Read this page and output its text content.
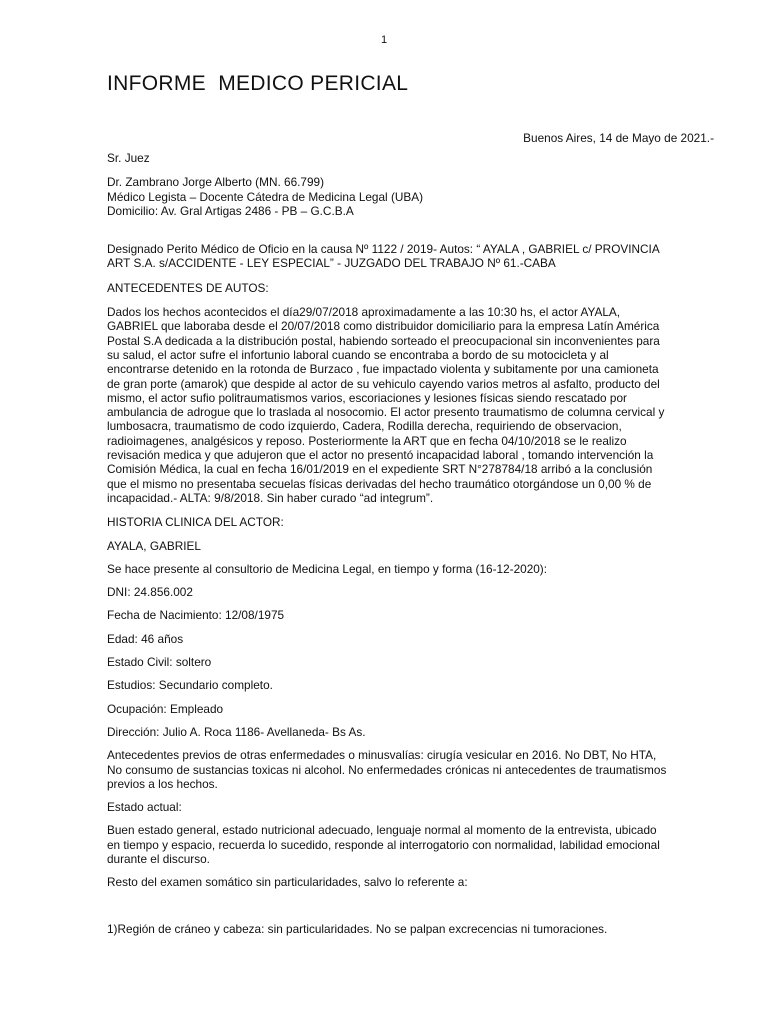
1
INFORME  MEDICO PERICIAL
Buenos Aires, 14 de Mayo de 2021.-

Sr. Juez

Dr. Zambrano Jorge Alberto (MN. 66.799)
Médico Legista – Docente Cátedra de Medicina Legal (UBA)
Domicilio: Av. Gral Artigas 2486 - PB – G.C.B.A

Designado Perito Médico de Oficio en la causa Nº 1122 / 2019- Autos: “ AYALA , GABRIEL c/ PROVINCIA ART S.A. s/ACCIDENTE - LEY ESPECIAL” - JUZGADO DEL TRABAJO Nº 61.-CABA

ANTECEDENTES DE AUTOS:

Dados los hechos acontecidos el día29/07/2018 aproximadamente a las 10:30 hs, el actor AYALA, GABRIEL que laboraba desde el 20/07/2018 como distribuidor domiciliario para la empresa Latín América Postal S.A dedicada a la distribución postal, habiendo sorteado el preocupacional sin inconvenientes para su salud, el actor sufre el infortunio laboral cuando se encontraba a bordo de su motocicleta y al encontrarse detenido en la rotonda de Burzaco , fue impactado violenta y subitamente por una camioneta de gran porte (amarok) que despide al actor de su vehiculo cayendo varios metros al asfalto, producto del mismo, el actor sufio politraumatismos varios, escoriaciones y lesiones físicas siendo rescatado por ambulancia de adrogue que lo traslada al nosocomio. El actor presento traumatismo de columna cervical y lumbosacra, traumatismo de codo izquierdo, Cadera, Rodilla derecha, requiriendo de observacion, radioimagenes, analgésicos y reposo. Posteriormente la ART que en fecha 04/10/2018 se le realizo revisación medica y que adujeron que el actor no presentó incapacidad laboral , tomando intervención la Comisión Médica, la cual en fecha 16/01/2019 en el expediente SRT N°278784/18 arribó a la conclusión que el mismo no presentaba secuelas físicas derivadas del hecho traumático otorgándose un 0,00 % de incapacidad.- ALTA: 9/8/2018. Sin haber curado “ad integrum”.

HISTORIA CLINICA DEL ACTOR:

AYALA, GABRIEL

Se hace presente al consultorio de Medicina Legal, en tiempo y forma (16-12-2020):

DNI: 24.856.002

Fecha de Nacimiento: 12/08/1975

Edad: 46 años

Estado Civil: soltero

Estudios: Secundario completo.

Ocupación: Empleado

Dirección: Julio A. Roca 1186- Avellaneda- Bs As.

Antecedentes previos de otras enfermedades o minusvalías: cirugía vesicular en 2016. No DBT, No HTA, No consumo de sustancias toxicas ni alcohol. No enfermedades crónicas ni antecedentes de traumatismos previos a los hechos.

Estado actual:

Buen estado general, estado nutricional adecuado, lenguaje normal al momento de la entrevista, ubicado en tiempo y espacio, recuerda lo sucedido, responde al interrogatorio con normalidad, labilidad emocional durante el discurso.

Resto del examen somático sin particularidades, salvo lo referente a:

1)Región de cráneo y cabeza: sin particularidades. No se palpan excrecencias ni tumoraciones.
